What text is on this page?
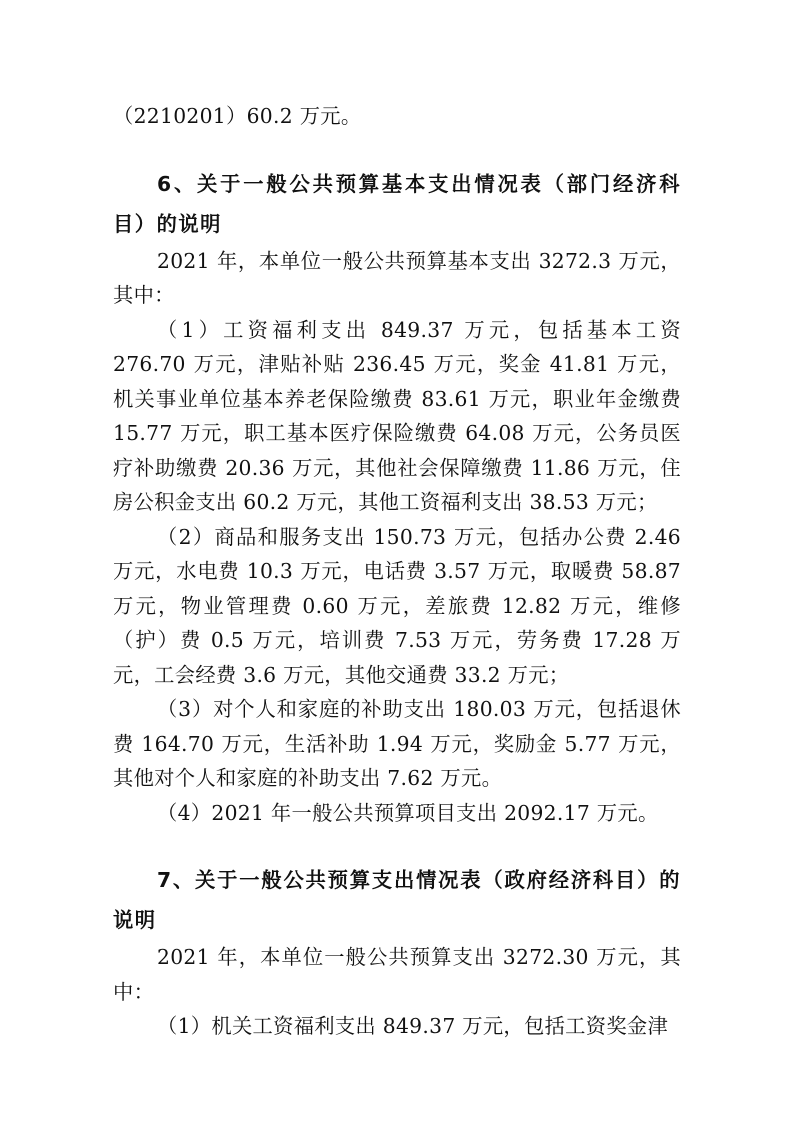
（2210201）60.2 万元。

6、关于一般公共预算基本支出情况表（部门经济科目）的说明

2021 年，本单位一般公共预算基本支出 3272.3 万元，其中：

（1）工资福利支出 849.37 万元，包括基本工资 276.70 万元，津贴补贴 236.45 万元，奖金 41.81 万元，机关事业单位基本养老保险缴费 83.61 万元，职业年金缴费 15.77 万元，职工基本医疗保险缴费 64.08 万元，公务员医疗补助缴费 20.36 万元，其他社会保障缴费 11.86 万元，住房公积金支出 60.2 万元，其他工资福利支出 38.53 万元；

（2）商品和服务支出 150.73 万元，包括办公费 2.46 万元，水电费 10.3 万元，电话费 3.57 万元，取暖费 58.87 万元，物业管理费 0.60 万元，差旅费 12.82 万元，维修（护）费 0.5 万元，培训费 7.53 万元，劳务费 17.28 万元，工会经费 3.6 万元，其他交通费 33.2 万元；

（3）对个人和家庭的补助支出 180.03 万元，包括退休费 164.70 万元，生活补助 1.94 万元，奖励金 5.77 万元，其他对个人和家庭的补助支出 7.62 万元。

（4）2021 年一般公共预算项目支出 2092.17 万元。

7、关于一般公共预算支出情况表（政府经济科目）的说明

2021 年，本单位一般公共预算支出 3272.30 万元，其中：

（1）机关工资福利支出 849.37 万元，包括工资奖金津
